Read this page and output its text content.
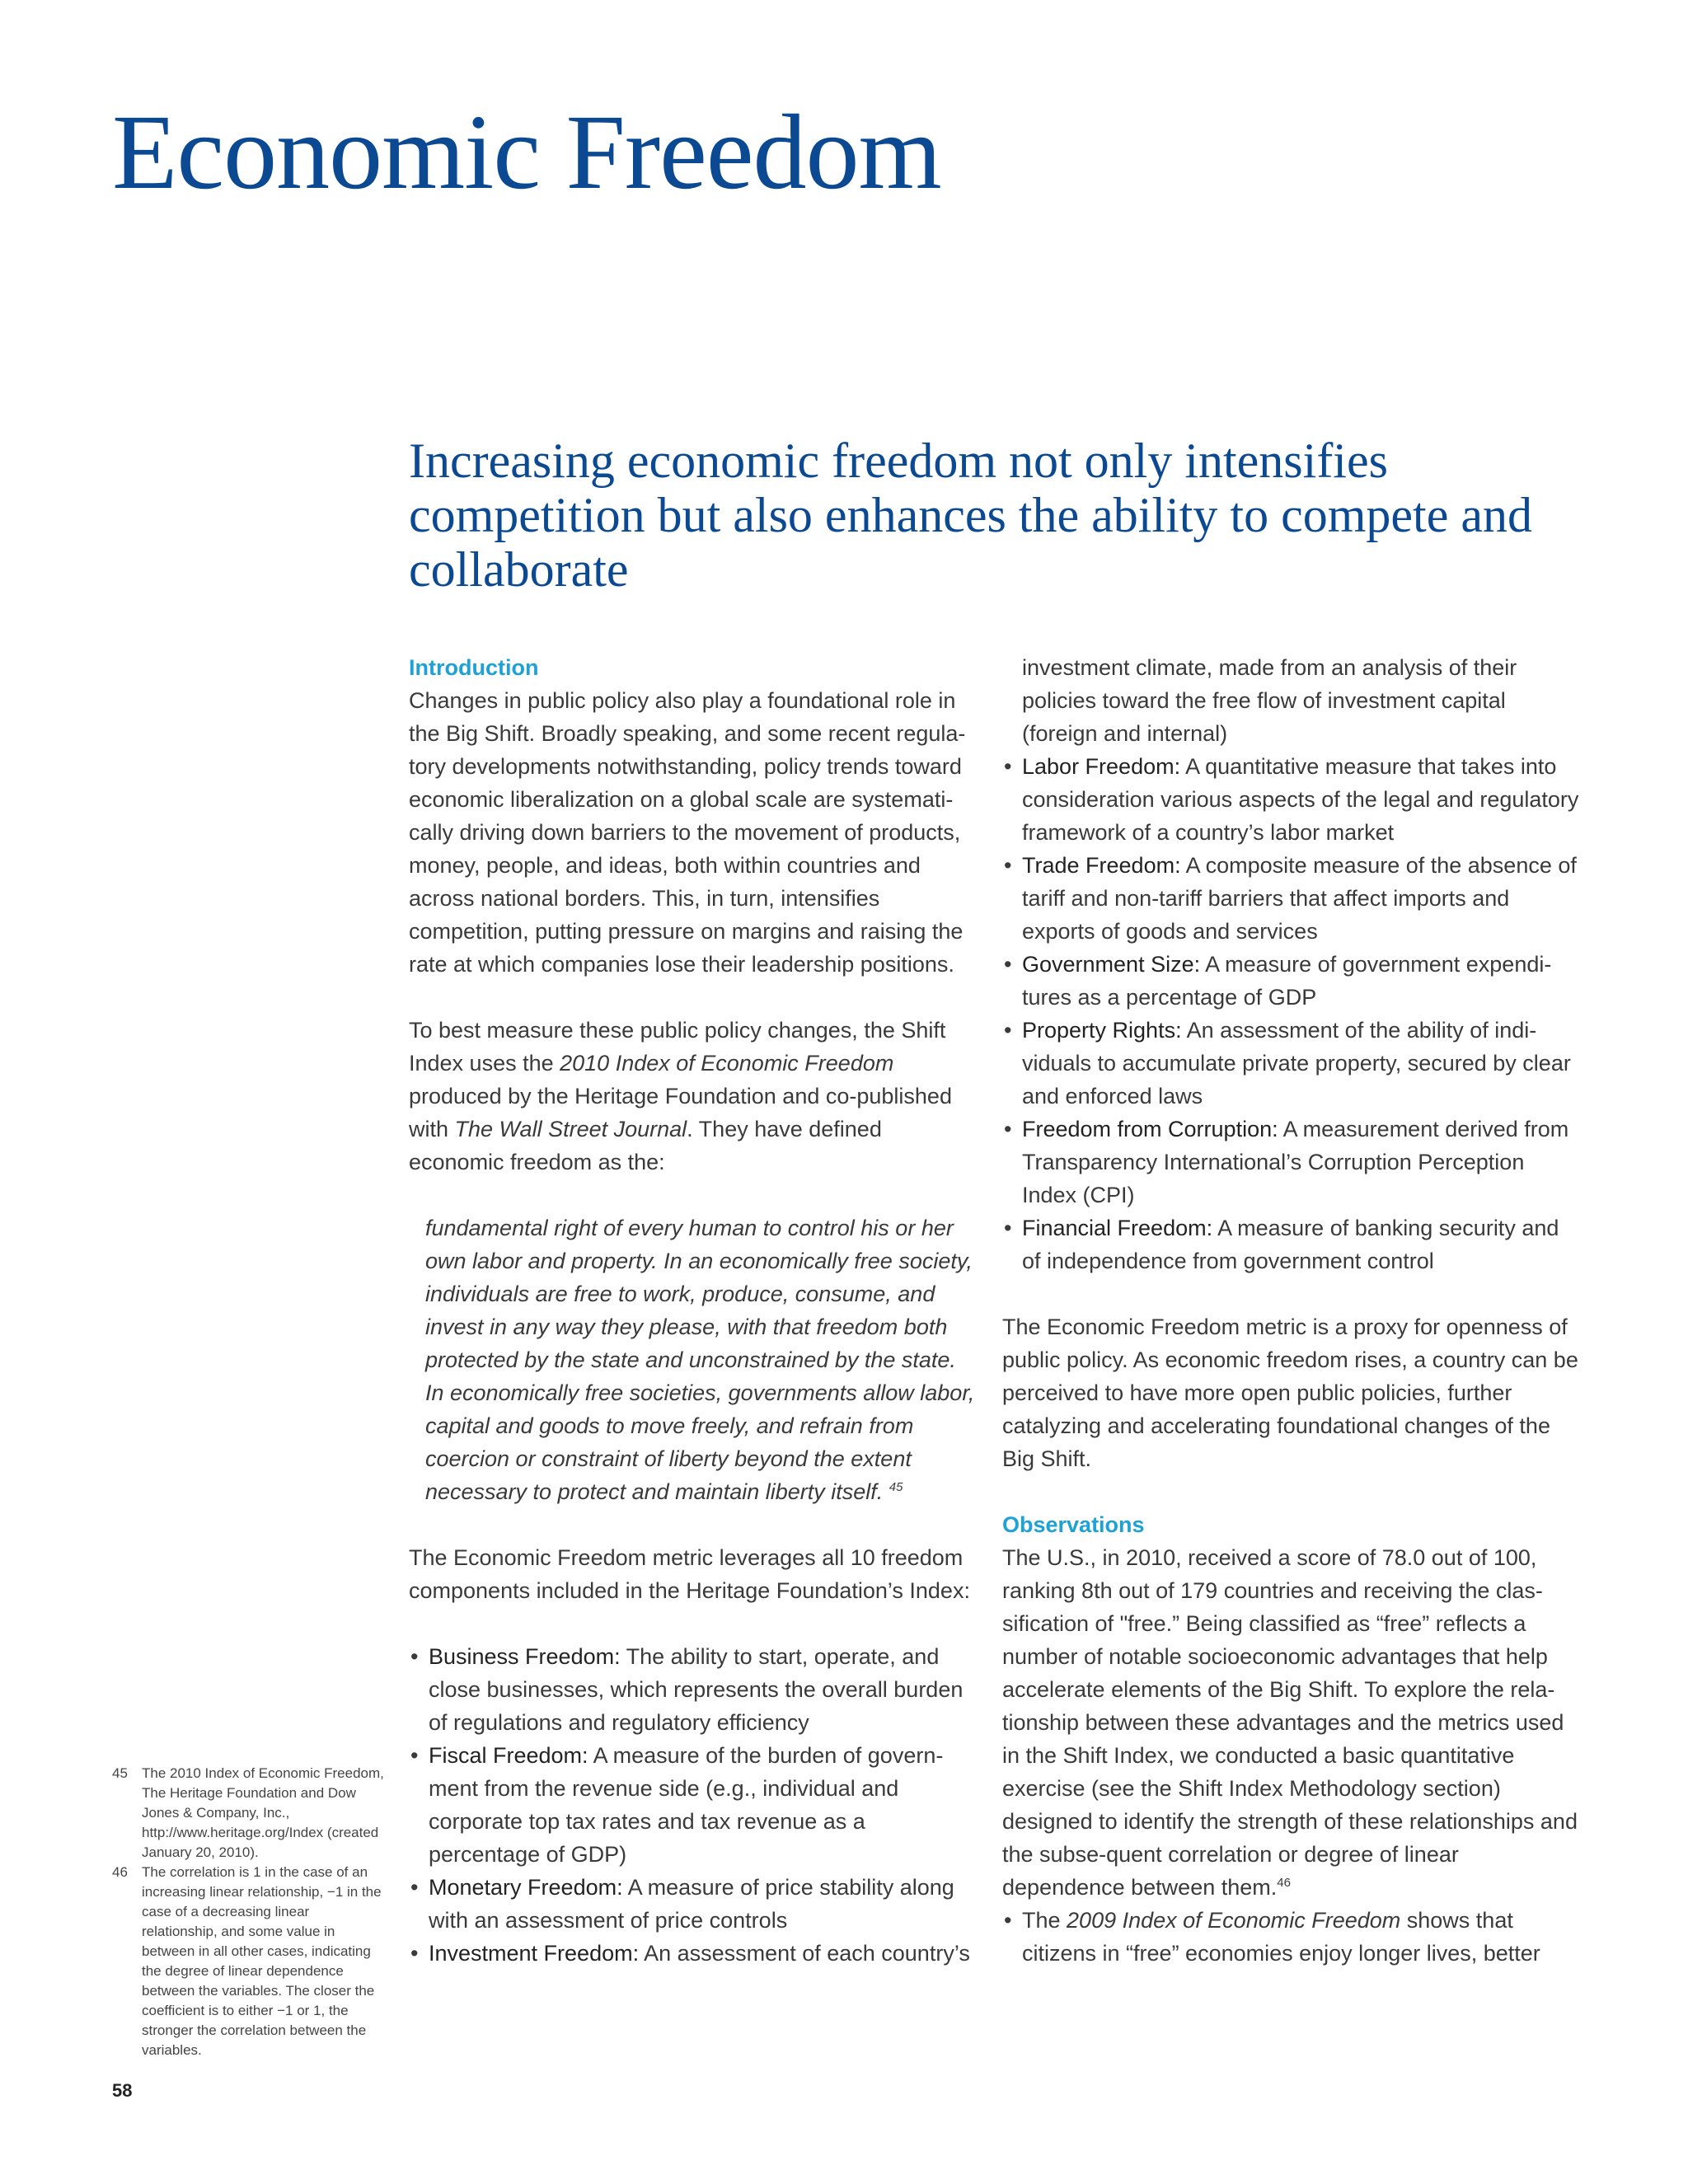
Economic Freedom
Increasing economic freedom not only intensifies competition but also enhances the ability to compete and collaborate
Introduction

Changes in public policy also play a foundational role in the Big Shift. Broadly speaking, and some recent regula-tory developments notwithstanding, policy trends toward economic liberalization on a global scale are systemati-cally driving down barriers to the movement of products, money, people, and ideas, both within countries and across national borders. This, in turn, intensifies competition, putting pressure on margins and raising the rate at which companies lose their leadership positions.

To best measure these public policy changes, the Shift Index uses the 2010 Index of Economic Freedom produced by the Heritage Foundation and co-published with The Wall Street Journal. They have defined economic freedom as the:

fundamental right of every human to control his or her own labor and property. In an economically free society, individuals are free to work, produce, consume, and invest in any way they please, with that freedom both protected by the state and unconstrained by the state. In economically free societies, governments allow labor, capital and goods to move freely, and refrain from coercion or constraint of liberty beyond the extent necessary to protect and maintain liberty itself. $^{45}$

The Economic Freedom metric leverages all 10 freedom components included in the Heritage Foundation’s Index:

• Business Freedom: The ability to start, operate, and close businesses, which represents the overall burden of regulations and regulatory efficiency
• Fiscal Freedom: A measure of the burden of govern-ment from the revenue side (e.g., individual and corporate top tax rates and tax revenue as a percentage of GDP)
• Monetary Freedom: A measure of price stability along with an assessment of price controls
• Investment Freedom: An assessment of each country’s

investment climate, made from an analysis of their policies toward the free flow of investment capital (foreign and internal)

• Labor Freedom: A quantitative measure that takes into consideration various aspects of the legal and regulatory framework of a country’s labor market
• Trade Freedom: A composite measure of the absence of tariff and non-tariff barriers that affect imports and exports of goods and services
• Government Size: A measure of government expendi-tures as a percentage of GDP
• Property Rights: An assessment of the ability of indi-viduals to accumulate private property, secured by clear and enforced laws
• Freedom from Corruption: A measurement derived from Transparency International’s Corruption Perception Index (CPI)
• Financial Freedom: A measure of banking security and of independence from government control

The Economic Freedom metric is a proxy for openness of public policy. As economic freedom rises, a country can be perceived to have more open public policies, further catalyzing and accelerating foundational changes of the Big Shift.

Observations

The U.S., in 2010, received a score of 78.0 out of 100, ranking 8th out of 179 countries and receiving the clas-sification of "free.” Being classified as “free” reflects a number of notable socioeconomic advantages that help accelerate elements of the Big Shift. To explore the rela-tionship between these advantages and the metrics used in the Shift Index, we conducted a basic quantitative exercise (see the Shift Index Methodology section) designed to identify the strength of these relationships and the subse-quent correlation or degree of linear dependence between them.$^{46}$

• The 2009 Index of Economic Freedom shows that citizens in “free” economies enjoy longer lives, better
45	The 2010 Index of Economic Freedom, The Heritage Foundation and Dow Jones & Company, Inc., http://www.heritage.org/Index (created January 20, 2010).
46	The correlation is 1 in the case of an increasing linear relationship, −1 in the case of a decreasing linear relationship, and some value in between in all other cases, indicating the degree of linear dependence between the variables. The closer the coefficient is to either −1 or 1, the stronger the correlation between the variables.
58
